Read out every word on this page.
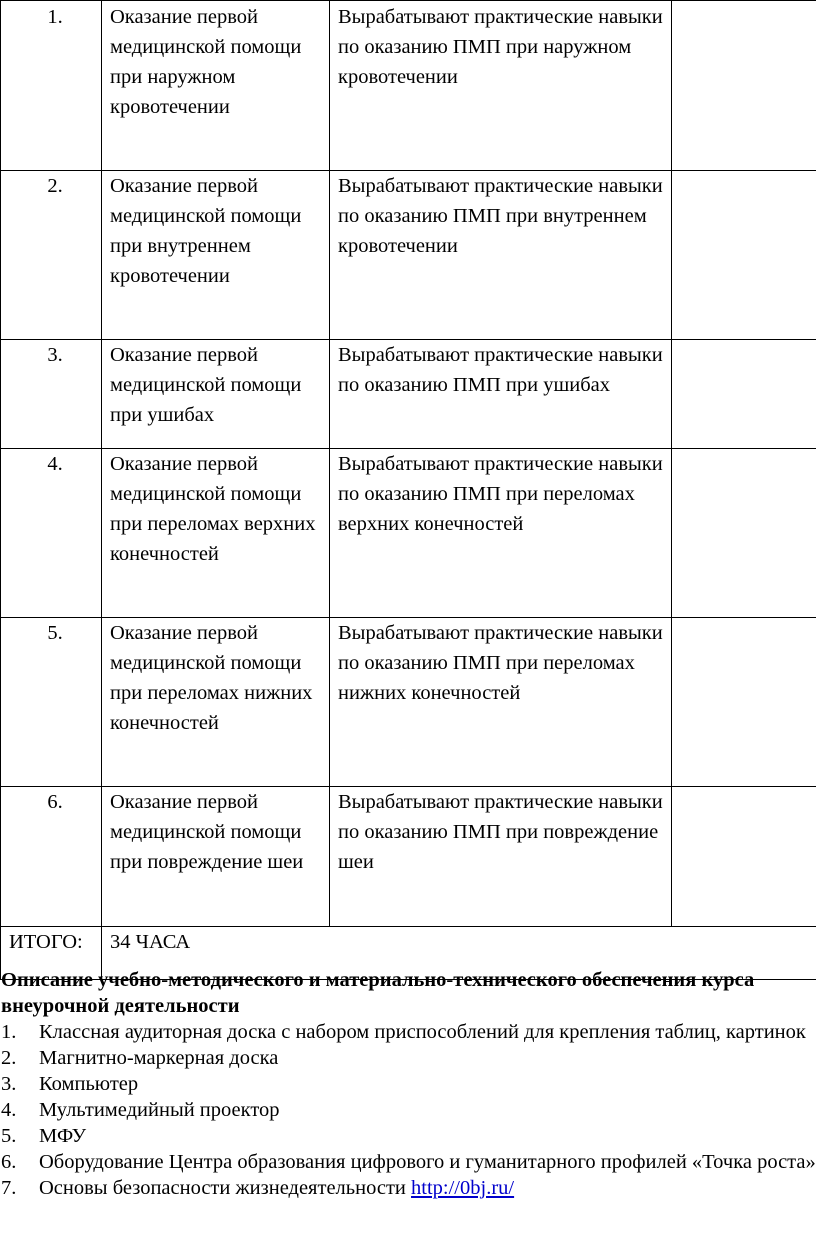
1.	Оказание первой медицинской помощи при наружном кровотечении	Вырабатывают практические навыки по оказанию ПМП при наружном кровотечении	
2.	Оказание первой медицинской помощи при внутреннем кровотечении	Вырабатывают практические навыки по оказанию ПМП при внутреннем кровотечении	
3.	Оказание первой медицинской помощи при ушибах	Вырабатывают практические навыки по оказанию ПМП при ушибах	
4.	Оказание первой медицинской помощи при переломах верхних конечностей	Вырабатывают практические навыки по оказанию ПМП при переломах верхних конечностей	
5.	Оказание первой медицинской помощи при переломах нижних конечностей	Вырабатывают практические навыки по оказанию ПМП при переломах нижних конечностей	
6.	Оказание первой медицинской помощи при повреждение шеи	Вырабатывают практические навыки по оказанию ПМП при повреждение шеи	
ИТОГО:	34 ЧАСА		

Описание учебно-методического и материально-технического обеспечения курса внеурочной деятельности

1. Классная аудиторная доска с набором приспособлений для крепления таблиц, картинок
2. Магнитно-маркерная доска
3. Компьютер
4. Мультимедийный проектор
5. МФУ
6. Оборудование Центра образования цифрового и гуманитарного профилей «Точка роста»
7. Основы безопасности жизнедеятельности http://0bj.ru/
